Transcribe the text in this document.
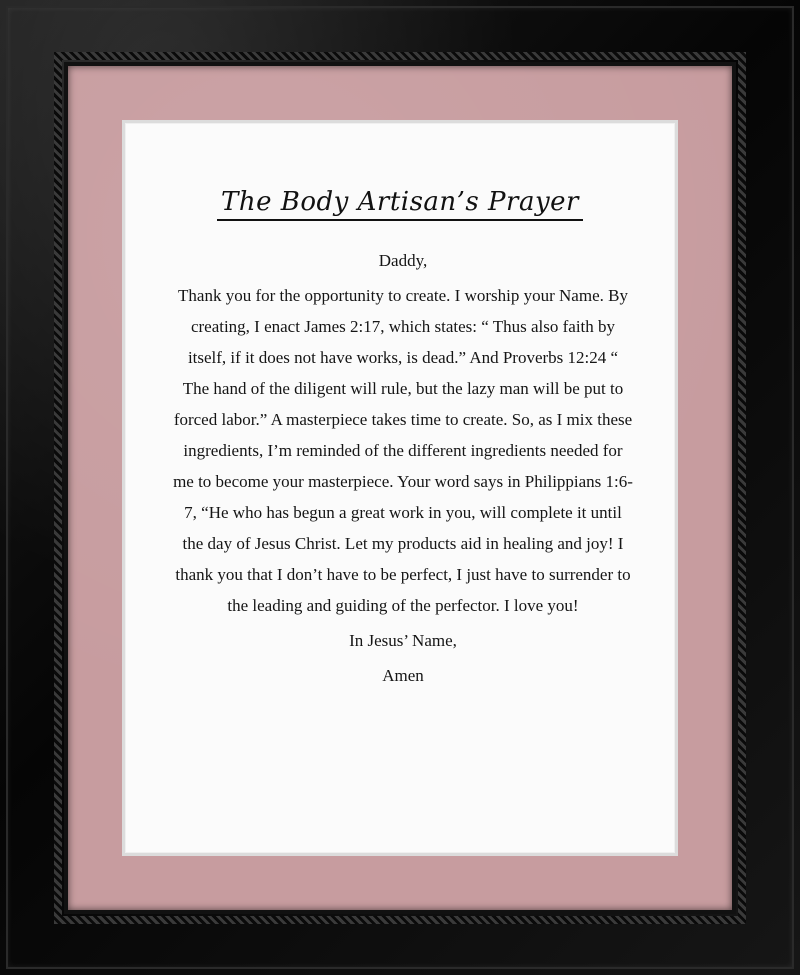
The Body Artisan’s Prayer

Daddy,

Thank you for the opportunity to create. I worship your Name. By creating, I enact James 2:17, which states: “ Thus also faith by itself, if it does not have works, is dead.” And Proverbs 12:24 “ The hand of the diligent will rule, but the lazy man will be put to forced labor.” A masterpiece takes time to create. So, as I mix these ingredients, I’m reminded of the different ingredients needed for me to become your masterpiece. Your word says in Philippians 1:6-7, “He who has begun a great work in you, will complete it until the day of Jesus Christ. Let my products aid in healing and joy! I thank you that I don’t have to be perfect, I just have to surrender to the leading and guiding of the perfector. I love you!

In Jesus’ Name,

Amen
